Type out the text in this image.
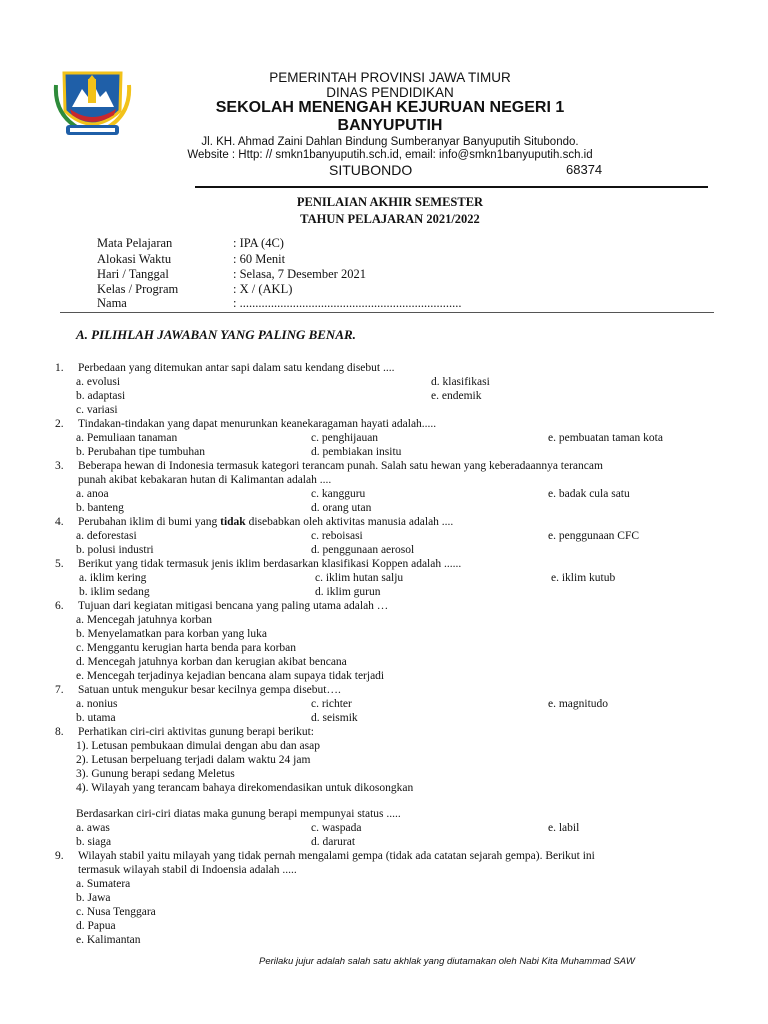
PEMERINTAH PROVINSI JAWA TIMUR
DINAS PENDIDIKAN
SEKOLAH MENENGAH KEJURUAN NEGERI 1
BANYUPUTIH
Jl. KH. Ahmad Zaini Dahlan Bindung Sumberanyar Banyuputih Situbondo.
Website : Http: // smkn1banyuputih.sch.id, email: info@smkn1banyuputih.sch.id
SITUBONDO	68374
PENILAIAN AKHIR SEMESTER
TAHUN PELAJARAN 2021/2022
Mata Pelajaran	: IPA (4C)
Alokasi Waktu	: 60 Menit
Hari / Tanggal	: Selasa, 7 Desember 2021
Kelas / Program	: X / (AKL)
Nama	: .......................................................................
A. PILIHLAH JAWABAN YANG PALING BENAR.
1. Perbedaan yang ditemukan antar sapi dalam satu kendang disebut ....
a. evolusi
b. adaptasi
c. variasi
d. klasifikasi
e. endemik
2. Tindakan-tindakan yang dapat menurunkan keanekaragaman hayati adalah.....
a. Pemuliaan tanaman
b. Perubahan tipe tumbuhan
c. penghijauan
d. pembiakan insitu
e. pembuatan taman kota
3. Beberapa hewan di Indonesia termasuk kategori terancam punah. Salah satu hewan yang keberadaannya terancam
punah akibat kebakaran hutan di Kalimantan adalah ....
a. anoa
b. banteng
c. kangguru
d. orang utan
e. badak cula satu
4. Perubahan iklim di bumi yang tidak disebabkan oleh aktivitas manusia adalah ....
a. deforestasi
b. polusi industri
c. reboisasi
d. penggunaan aerosol
e. penggunaan CFC
5. Berikut yang tidak termasuk jenis iklim berdasarkan klasifikasi Koppen adalah ......
a. iklim kering
b. iklim sedang
c. iklim hutan salju
d. iklim gurun
e. iklim kutub
6. Tujuan dari kegiatan mitigasi bencana yang paling utama adalah …
a. Mencegah jatuhnya korban
b. Menyelamatkan para korban yang luka
c. Menggantu kerugian harta benda para korban
d. Mencegah jatuhnya korban dan kerugian akibat bencana
e. Mencegah terjadinya kejadian bencana alam supaya tidak terjadi
7. Satuan untuk mengukur besar kecilnya gempa disebut….
a. nonius
b. utama
c. richter
d. seismik
e. magnitudo
8. Perhatikan ciri-ciri aktivitas gunung berapi berikut:
1). Letusan pembukaan dimulai dengan abu dan asap
2). Letusan berpeluang terjadi dalam waktu 24 jam
3). Gunung berapi sedang Meletus
4). Wilayah yang terancam bahaya direkomendasikan untuk dikosongkan
Berdasarkan ciri-ciri diatas maka gunung berapi mempunyai status .....
a. awas
b. siaga
c. waspada
d. darurat
e. labil
9. Wilayah stabil yaitu milayah yang tidak pernah mengalami gempa (tidak ada catatan sejarah gempa). Berikut ini
termasuk wilayah stabil di Indoensia adalah .....
a. Sumatera
b. Jawa
c. Nusa Tenggara
d. Papua
e. Kalimantan
Perilaku jujur adalah salah satu akhlak yang diutamakan oleh Nabi Kita Muhammad SAW
